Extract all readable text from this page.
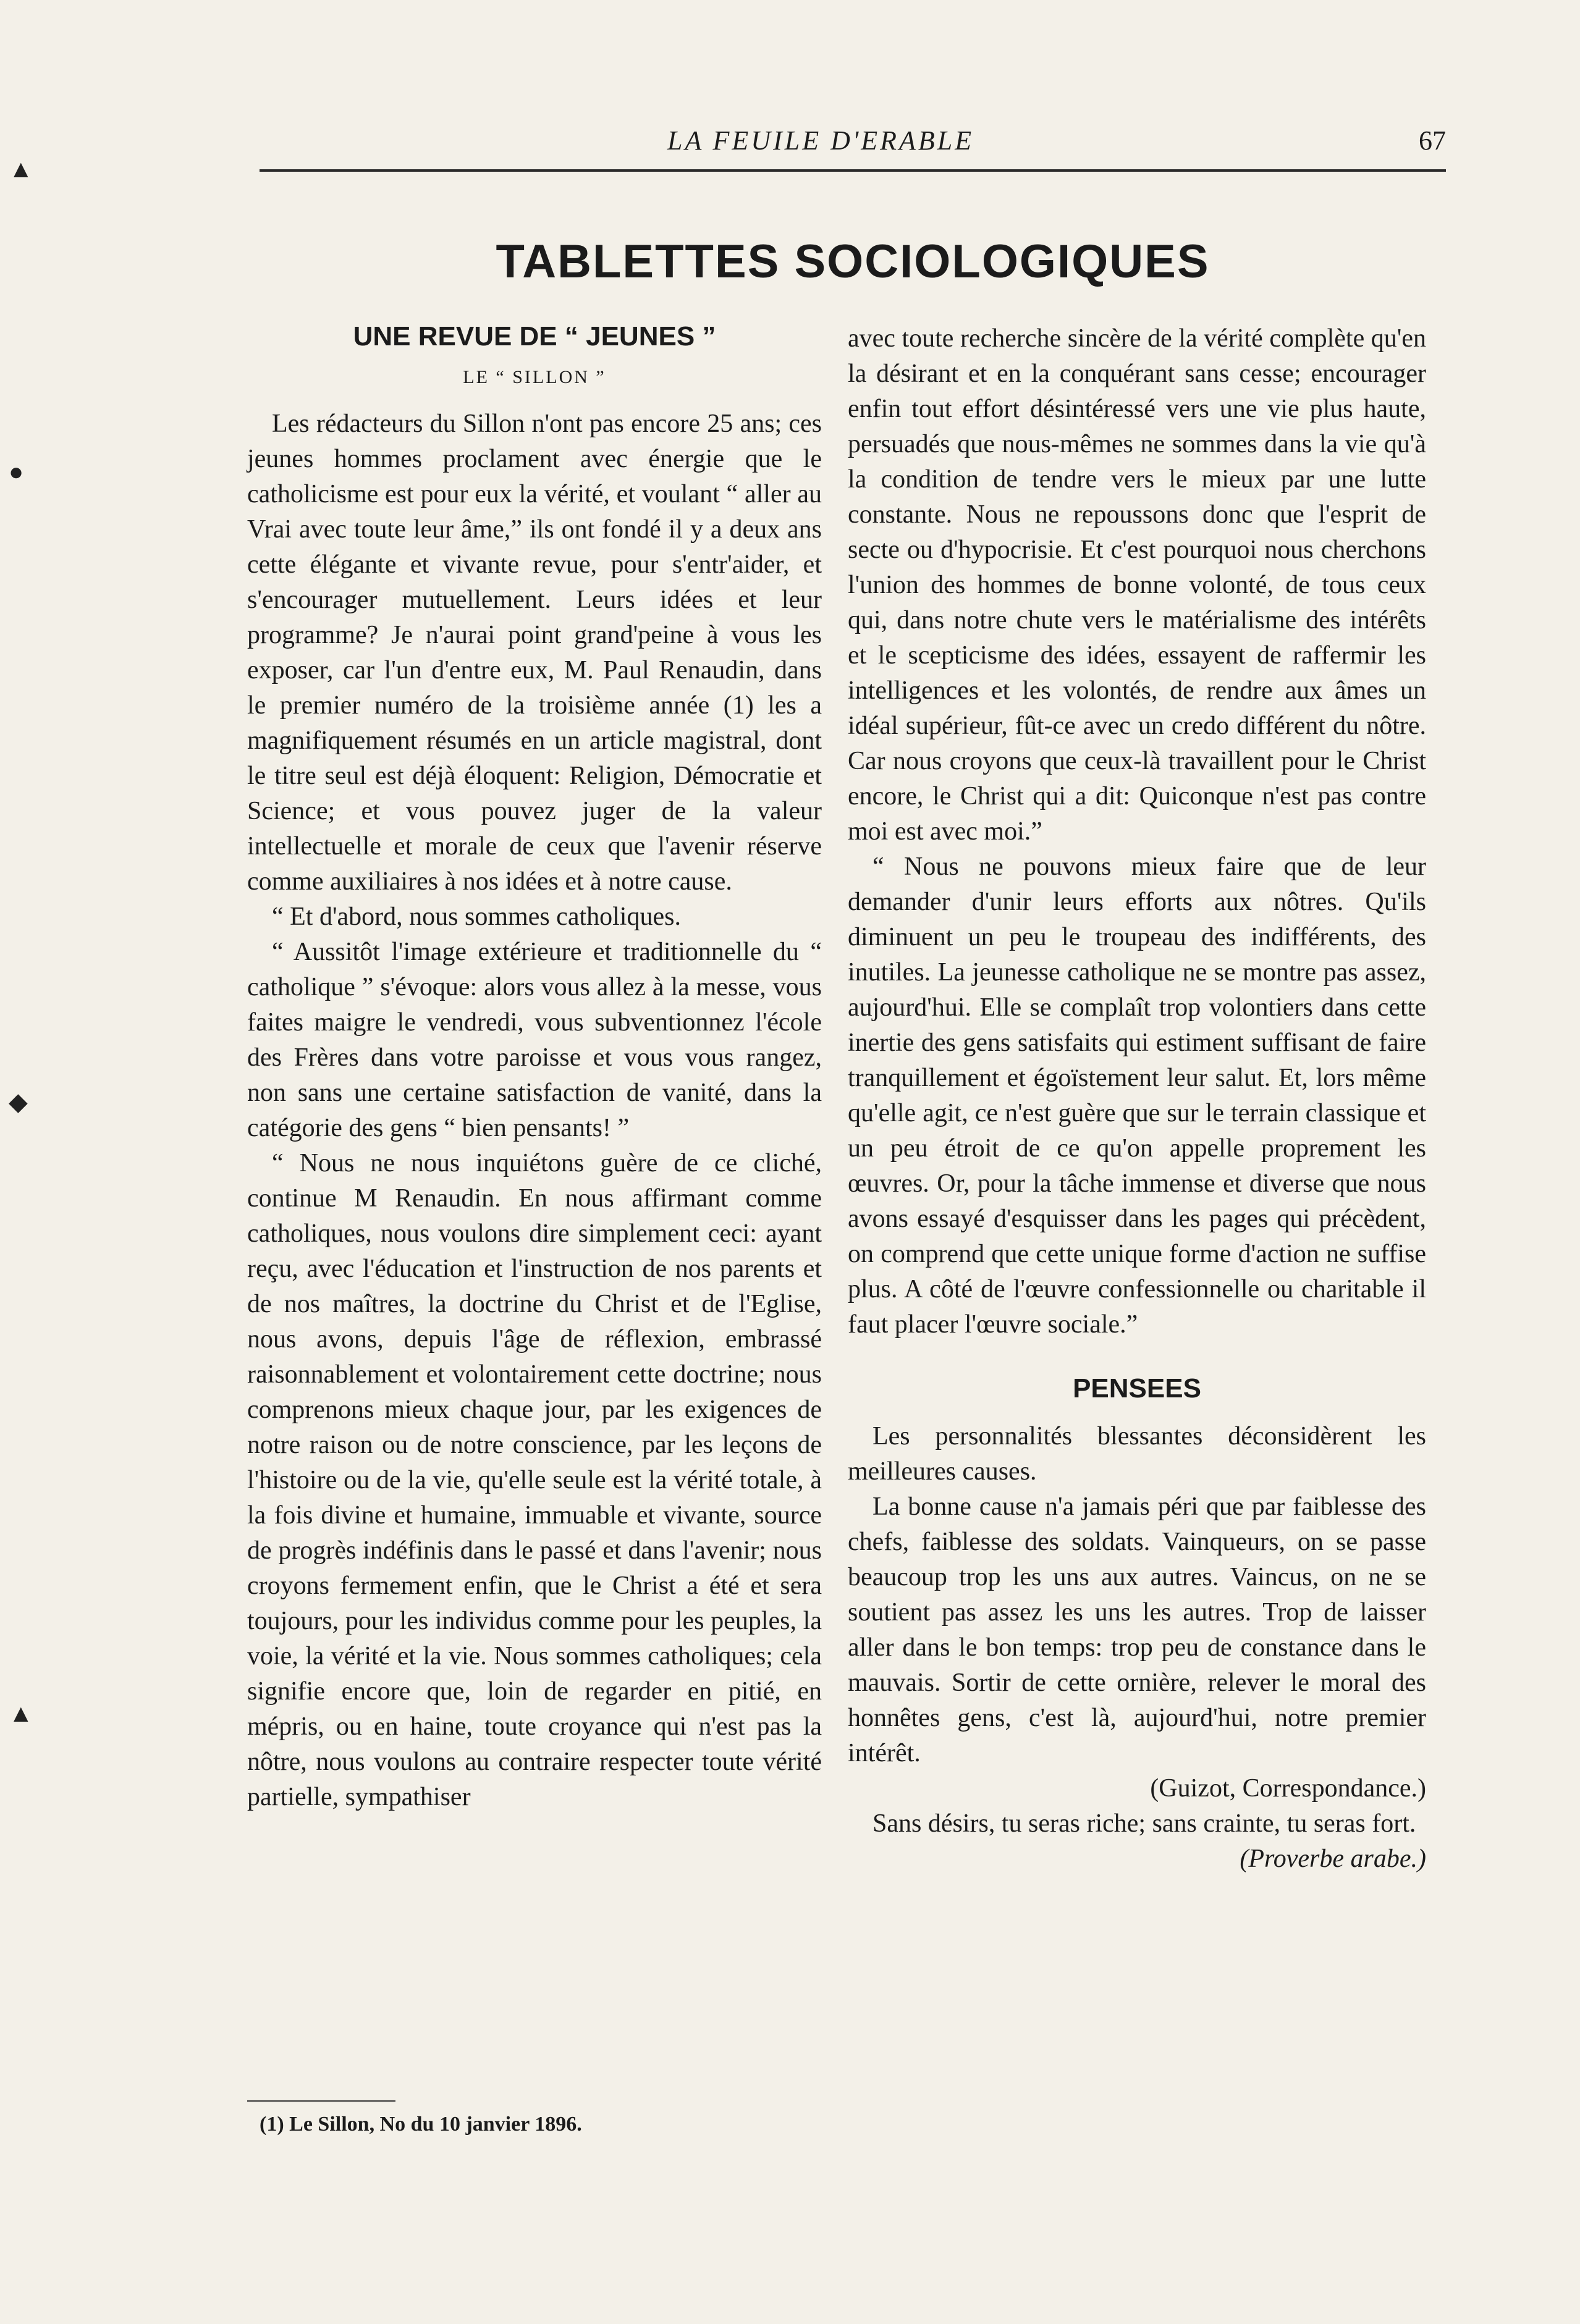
LA FEUILE D'ERABLE	67
TABLETTES SOCIOLOGIQUES
UNE REVUE DE “ JEUNES ”
LE “ SILLON ”

Les rédacteurs du Sillon n'ont pas encore 25 ans; ces jeunes hommes proclament avec énergie que le catholicisme est pour eux la vérité, et voulant “ aller au Vrai avec toute leur âme,” ils ont fondé il y a deux ans cette élégante et vivante revue, pour s'entr'aider, et s'encourager mutuellement. Leurs idées et leur programme? Je n'aurai point grand'peine à vous les exposer, car l'un d'entre eux, M. Paul Renaudin, dans le premier numéro de la troisième année (1) les a magnifiquement résumés en un article magistral, dont le titre seul est déjà éloquent: Religion, Démocratie et Science; et vous pouvez juger de la valeur intellectuelle et morale de ceux que l'avenir réserve comme auxiliaires à nos idées et à notre cause.

“ Et d'abord, nous sommes catholiques.

“ Aussitôt l'image extérieure et traditionnelle du “ catholique ” s'évoque: alors vous allez à la messe, vous faites maigre le vendredi, vous subventionnez l'école des Frères dans votre paroisse et vous vous rangez, non sans une certaine satisfaction de vanité, dans la catégorie des gens “ bien pensants! ”

“ Nous ne nous inquiétons guère de ce cliché, continue M Renaudin. En nous affirmant comme catholiques, nous voulons dire simplement ceci: ayant reçu, avec l'éducation et l'instruction de nos parents et de nos maîtres, la doctrine du Christ et de l'Eglise, nous avons, depuis l'âge de réflexion, embrassé raisonnablement et volontairement cette doctrine; nous comprenons mieux chaque jour, par les exigences de notre raison ou de notre conscience, par les leçons de l'histoire ou de la vie, qu'elle seule est la vérité totale, à la fois divine et humaine, immuable et vivante, source de progrès indéfinis dans le passé et dans l'avenir; nous croyons fermement enfin, que le Christ a été et sera toujours, pour les individus comme pour les peuples, la voie, la vérité et la vie. Nous sommes catholiques; cela signifie encore que, loin de regarder en pitié, en mépris, ou en haine, toute croyance qui n'est pas la nôtre, nous voulons au contraire respecter toute vérité partielle, sympathiser

avec toute recherche sincère de la vérité complète qu'en la désirant et en la conquérant sans cesse; encourager enfin tout effort désintéressé vers une vie plus haute, persuadés que nous-mêmes ne sommes dans la vie qu'à la condition de tendre vers le mieux par une lutte constante. Nous ne repoussons donc que l'esprit de secte ou d'hypocrisie. Et c'est pourquoi nous cherchons l'union des hommes de bonne volonté, de tous ceux qui, dans notre chute vers le matérialisme des intérêts et le scepticisme des idées, essayent de raffermir les intelligences et les volontés, de rendre aux âmes un idéal supérieur, fût-ce avec un credo différent du nôtre. Car nous croyons que ceux-là travaillent pour le Christ encore, le Christ qui a dit: Quiconque n'est pas contre moi est avec moi.”

“ Nous ne pouvons mieux faire que de leur demander d'unir leurs efforts aux nôtres. Qu'ils diminuent un peu le troupeau des indifférents, des inutiles. La jeunesse catholique ne se montre pas assez, aujourd'hui. Elle se complaît trop volontiers dans cette inertie des gens satisfaits qui estiment suffisant de faire tranquillement et égoïstement leur salut. Et, lors même qu'elle agit, ce n'est guère que sur le terrain classique et un peu étroit de ce qu'on appelle proprement les œuvres. Or, pour la tâche immense et diverse que nous avons essayé d'esquisser dans les pages qui précèdent, on comprend que cette unique forme d'action ne suffise plus. A côté de l'œuvre confessionnelle ou charitable il faut placer l'œuvre sociale.”

PENSEES

Les personnalités blessantes déconsidèrent les meilleures causes.

La bonne cause n'a jamais péri que par faiblesse des chefs, faiblesse des soldats. Vainqueurs, on se passe beaucoup trop les uns aux autres. Vaincus, on ne se soutient pas assez les uns les autres. Trop de laisser aller dans le bon temps: trop peu de constance dans le mauvais. Sortir de cette ornière, relever le moral des honnêtes gens, c'est là, aujourd'hui, notre premier intérêt.

(Guizot, Correspondance.)

Sans désirs, tu seras riche; sans crainte, tu seras fort.
(Proverbe arabe.)

(1) Le Sillon, No du 10 janvier 1896.
▲
●
◆
▲
